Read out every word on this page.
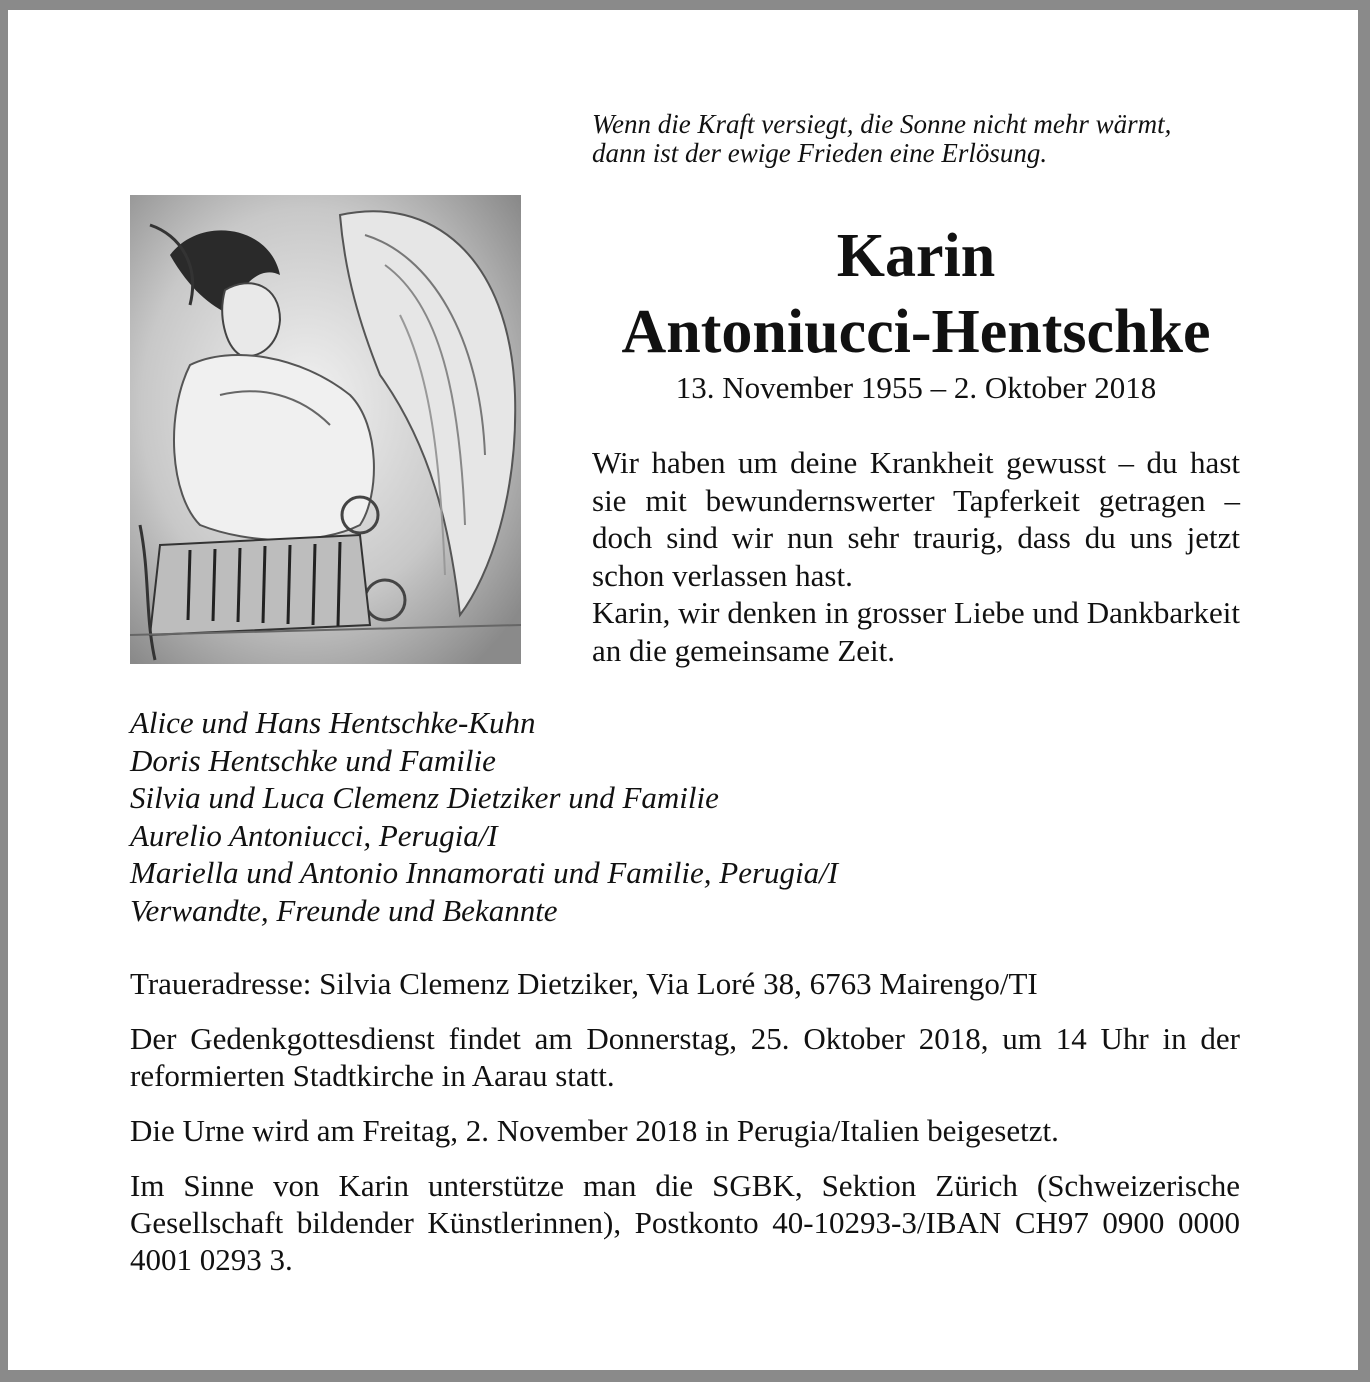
Wenn die Kraft versiegt, die Sonne nicht mehr wärmt,
dann ist der ewige Frieden eine Erlösung.
Karin
Antoniucci-Hentschke
13. November 1955 – 2. Oktober 2018

Wir haben um deine Krankheit gewusst – du hast sie mit bewundernswerter Tapferkeit getragen – doch sind wir nun sehr traurig, dass du uns jetzt schon verlassen hast.

Karin, wir denken in grosser Liebe und Dankbarkeit an die gemeinsame Zeit.

Alice und Hans Hentschke-Kuhn
Doris Hentschke und Familie
Silvia und Luca Clemenz Dietziker und Familie
Aurelio Antoniucci, Perugia/I
Mariella und Antonio Innamorati und Familie, Perugia/I
Verwandte, Freunde und Bekannte

Traueradresse: Silvia Clemenz Dietziker, Via Loré 38, 6763 Mairengo/TI

Der Gedenkgottesdienst findet am Donnerstag, 25. Oktober 2018, um 14 Uhr in der reformierten Stadtkirche in Aarau statt.

Die Urne wird am Freitag, 2. November 2018 in Perugia/Italien beigesetzt.

Im Sinne von Karin unterstütze man die SGBK, Sektion Zürich (Schweizerische Gesellschaft bildender Künstlerinnen), Postkonto 40-10293-3/IBAN CH97 0900 0000 4001 0293 3.
